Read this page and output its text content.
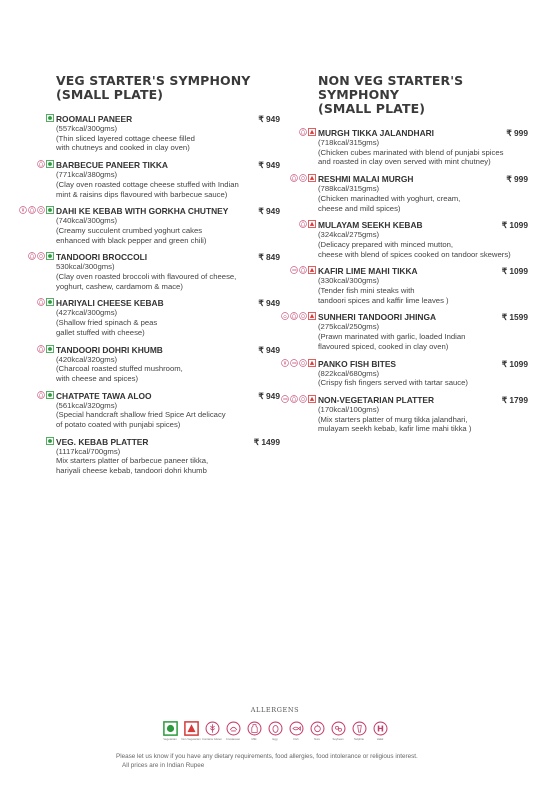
VEG STARTER'S SYMPHONY
(SMALL PLATE)
ROOMALI PANEER	₹ 949
(557kcal/300gms)
(Thin sliced layered cottage cheese filled
with chutneys and cooked in clay oven)
BARBECUE PANEER TIKKA	₹ 949
(771kcal/380gms)
(Clay oven roasted cottage cheese stuffed with Indian
mint & raisins dips flavoured with barbecue sauce)
DAHI KE KEBAB WITH GORKHA CHUTNEY	₹ 949
(740kcal/300gms)
(Creamy succulent crumbed yoghurt cakes
enhanced with black pepper and green chili)
TANDOORI BROCCOLI	₹ 849
530kcal/300gms)
(Clay oven roasted broccoli with flavoured of cheese,
yoghurt, cashew, cardamom & mace)
HARIYALI CHEESE KEBAB	₹ 949
(427kcal/300gms)
(Shallow fried spinach & peas
gallet stuffed with cheese)
TANDOORI DOHRI KHUMB	₹ 949
(420kcal/320gms)
(Charcoal roasted stuffed mushroom,
with cheese and spices)
CHATPATE TAWA ALOO	₹ 949
(561kcal/320gms)
(Special handcraft shallow fried Spice Art delicacy
of potato coated with punjabi spices)
VEG. KEBAB PLATTER	₹ 1499
(1117kcal/700gms)
Mix starters platter of barbecue paneer tikka,
hariyali cheese kebab, tandoori dohri khumb
NON VEG STARTER'S SYMPHONY
(SMALL PLATE)
MURGH TIKKA JALANDHARI	₹ 999
(718kcal/315gms)
(Chicken cubes marinated with blend of punjabi spices
and roasted in clay oven served with mint chutney)
RESHMI MALAI MURGH	₹ 999
(788kcal/315gms)
(Chicken marinadted with yoghurt, cream,
cheese and mild spices)
MULAYAM SEEKH KEBAB	₹ 1099
(324kcal/275gms)
(Delicacy prepared with minced mutton,
cheese with blend of spices cooked on tandoor skewers)
KAFIR LIME MAHI TIKKA	₹ 1099
(330kcal/300gms)
(Tender fish mini steaks with
tandoori spices and kaffir lime leaves )
SUNHERI TANDOORI JHINGA	₹ 1599
(275kcal/250gms)
(Prawn marinated with garlic, loaded Indian
flavoured spiced, cooked in clay oven)
PANKO FISH BITES	₹ 1099
(822kcal/680gms)
(Crispy fish fingers served with tartar sauce)
NON-VEGETARIAN PLATTER	₹ 1799
(170kcal/100gms)
(Mix starters platter of murg tikka jalandhari,
mulayam seekh kebab, kafir lime mahi tikka )
ALLERGENS
Vegetarian Non Vegetarian Contains Gluten Crustacean	Milk	Egg	Fish	Nuts	Soybean	Sulphite
H
Halal
Please let us know if you have any dietary requirements, food allergies, food intolerance or religious interest.
All prices are in Indian Rupee
